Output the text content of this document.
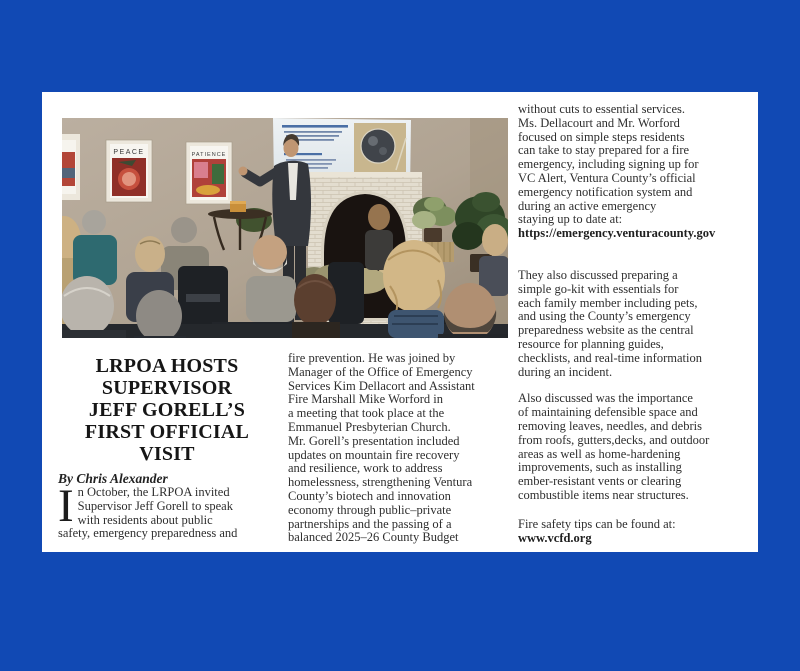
PEACE	PATIENCE
LRPOA HOSTS
SUPERVISOR
JEFF GORELL’S
FIRST OFFICIAL
VISIT
By Chris Alexander
I n October, the LRPOA invited
Supervisor Jeff Gorell to speak
with residents about public
safety, emergency preparedness and
fire prevention. He was joined by
Manager of the Office of Emergency
Services Kim Dellacort and Assistant
Fire Marshall Mike Worford in
a meeting that took place at the
Emmanuel Presbyterian Church.
Mr. Gorell’s presentation included
updates on mountain fire recovery
and resilience, work to address
homelessness, strengthening Ventura
County’s biotech and innovation
economy through public–private
partnerships and the passing of a
balanced 2025–26 County Budget
without cuts to essential services.
Ms. Dellacourt and Mr. Worford
focused on simple steps residents
can take to stay prepared for a fire
emergency, including signing up for
VC Alert, Ventura County’s official
emergency notification system and
during an active emergency
staying up to date at:
https://emergency.venturacounty.gov
They also discussed preparing a
simple go-kit with essentials for
each family member including pets,
and using the County’s emergency
preparedness website as the central
resource for planning guides,
checklists, and real-time information
during an incident.
Also discussed was the importance
of maintaining defensible space and
removing leaves, needles, and debris
from roofs, gutters,decks, and outdoor
areas as well as home-hardening
improvements, such as installing
ember-resistant vents or clearing
combustible items near structures.
Fire safety tips can be found at:
www.vcfd.org
